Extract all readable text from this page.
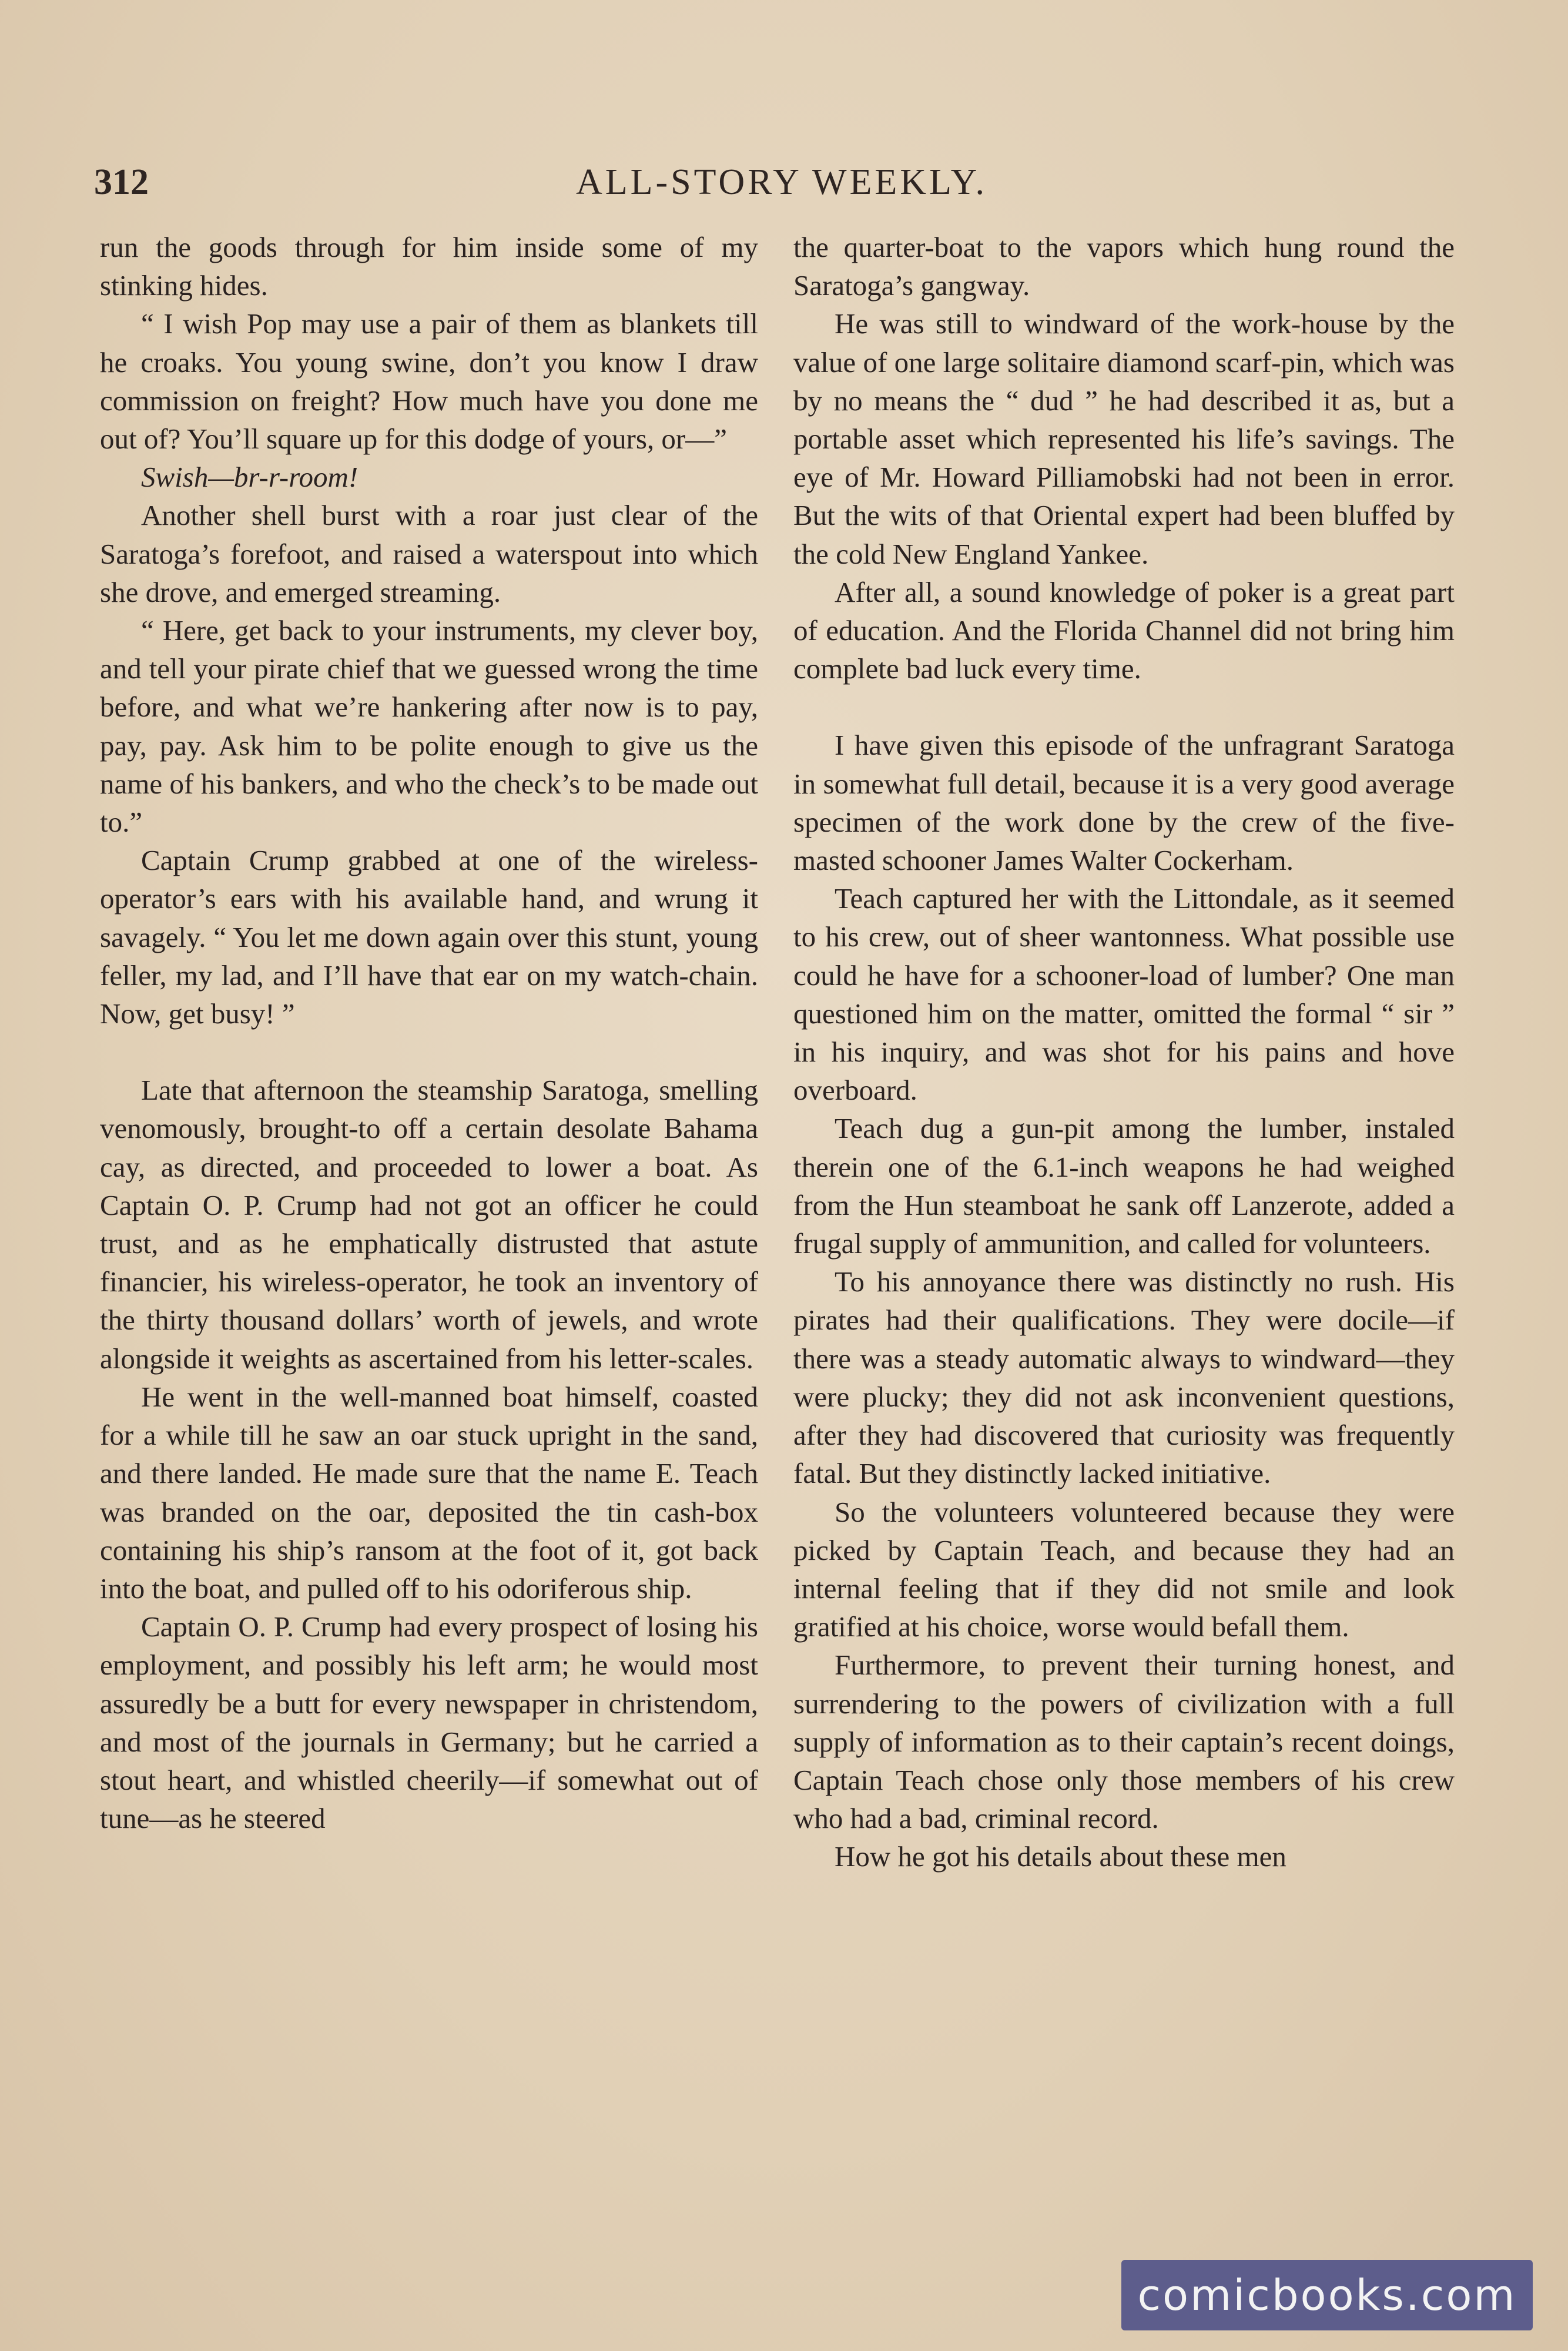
312	ALL-STORY WEEKLY.

run the goods through for him inside some of my stinking hides.

“ I wish Pop may use a pair of them as blankets till he croaks. You young swine, don’t you know I draw commission on freight? How much have you done me out of? You’ll square up for this dodge of yours, or—”

Swish—br-r-room!

Another shell burst with a roar just clear of the Saratoga’s forefoot, and raised a waterspout into which she drove, and emerged streaming.

“ Here, get back to your instruments, my clever boy, and tell your pirate chief that we guessed wrong the time before, and what we’re hankering after now is to pay, pay, pay. Ask him to be polite enough to give us the name of his bankers, and who the check’s to be made out to.”

Captain Crump grabbed at one of the wireless-operator’s ears with his available hand, and wrung it savagely. “ You let me down again over this stunt, young feller, my lad, and I’ll have that ear on my watch-chain. Now, get busy! ”

Late that afternoon the steamship Saratoga, smelling venomously, brought-to off a certain desolate Bahama cay, as directed, and proceeded to lower a boat. As Captain O. P. Crump had not got an officer he could trust, and as he emphatically distrusted that astute financier, his wireless-operator, he took an inventory of the thirty thousand dollars’ worth of jewels, and wrote alongside it weights as ascertained from his letter-scales.

He went in the well-manned boat himself, coasted for a while till he saw an oar stuck upright in the sand, and there landed. He made sure that the name E. Teach was branded on the oar, deposited the tin cash-box containing his ship’s ransom at the foot of it, got back into the boat, and pulled off to his odoriferous ship.

Captain O. P. Crump had every prospect of losing his employment, and possibly his left arm; he would most assuredly be a butt for every newspaper in christendom, and most of the journals in Germany; but he carried a stout heart, and whistled cheerily—if somewhat out of tune—as he steered

the quarter-boat to the vapors which hung round the Saratoga’s gangway.

He was still to windward of the work-house by the value of one large solitaire diamond scarf-pin, which was by no means the “ dud ” he had described it as, but a portable asset which represented his life’s savings. The eye of Mr. Howard Pilliamobski had not been in error. But the wits of that Oriental expert had been bluffed by the cold New England Yankee.

After all, a sound knowledge of poker is a great part of education. And the Florida Channel did not bring him complete bad luck every time.

I have given this episode of the unfragrant Saratoga in somewhat full detail, because it is a very good average specimen of the work done by the crew of the five-masted schooner James Walter Cockerham.

Teach captured her with the Littondale, as it seemed to his crew, out of sheer wantonness. What possible use could he have for a schooner-load of lumber? One man questioned him on the matter, omitted the formal “ sir ” in his inquiry, and was shot for his pains and hove overboard.

Teach dug a gun-pit among the lumber, instaled therein one of the 6.1-inch weapons he had weighed from the Hun steamboat he sank off Lanzerote, added a frugal supply of ammunition, and called for volunteers.

To his annoyance there was distinctly no rush. His pirates had their qualifications. They were docile—if there was a steady automatic always to windward—they were plucky; they did not ask inconvenient questions, after they had discovered that curiosity was frequently fatal. But they distinctly lacked initiative.

So the volunteers volunteered because they were picked by Captain Teach, and because they had an internal feeling that if they did not smile and look gratified at his choice, worse would befall them.

Furthermore, to prevent their turning honest, and surrendering to the powers of civilization with a full supply of information as to their captain’s recent doings, Captain Teach chose only those members of his crew who had a bad, criminal record.

How he got his details about these men

comicbooks.com
